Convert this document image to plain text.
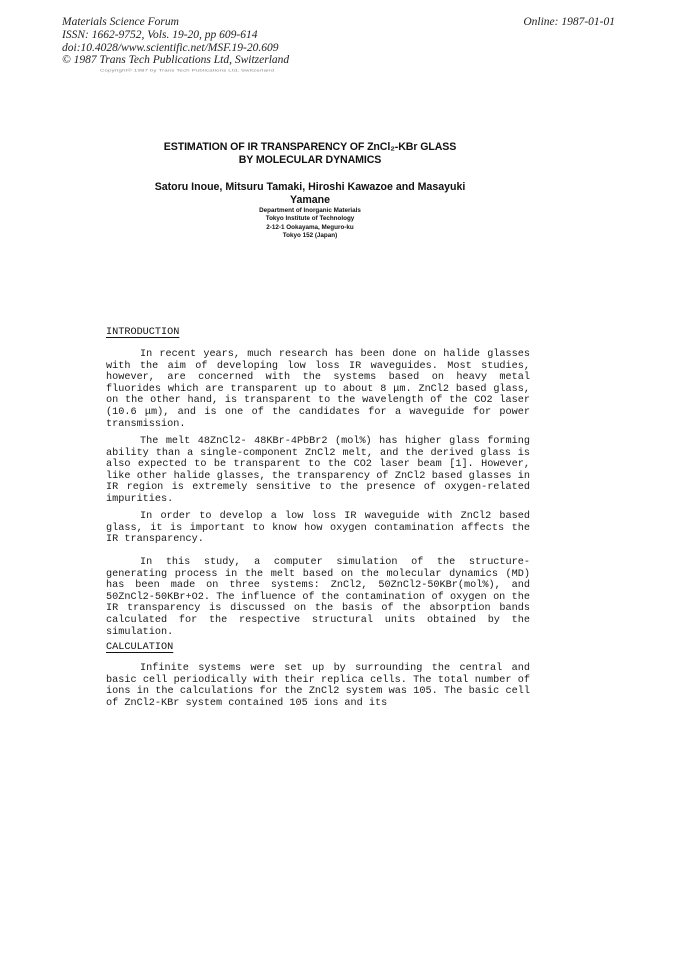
Materials Science Forum
ISSN: 1662-9752, Vols. 19-20, pp 609-614
doi:10.4028/www.scientific.net/MSF.19-20.609
© 1987 Trans Tech Publications Ltd, Switzerland
Online: 1987-01-01
Copyright© 1987 by Trans Tech Publications Ltd, Switzerland
ESTIMATION OF IR TRANSPARENCY OF ZnCl₂-KBr GLASS
BY MOLECULAR DYNAMICS
Satoru Inoue, Mitsuru Tamaki, Hiroshi Kawazoe and Masayuki
Yamane
Department of Inorganic Materials
Tokyo Institute of Technology
2-12-1 Ookayama, Meguro-ku
Tokyo 152 (Japan)
INTRODUCTION

In recent years, much research has been done on halide glasses with the aim of developing low loss IR waveguides. Most studies, however, are concerned with the systems based on heavy metal fluorides which are transparent up to about 8 μm. ZnCl2 based glass, on the other hand, is transparent to the wavelength of the CO2 laser (10.6 μm), and is one of the candidates for a waveguide for power transmission.

The melt 48ZnCl2- 48KBr-4PbBr2 (mol%) has higher glass forming ability than a single-component ZnCl2 melt, and the derived glass is also expected to be transparent to the CO2 laser beam [1]. However, like other halide glasses, the transparency of ZnCl2 based glasses in IR region is extremely sensitive to the presence of oxygen-related impurities.

In order to develop a low loss IR waveguide with ZnCl2 based glass, it is important to know how oxygen contamination affects the IR transparency.

In this study, a computer simulation of the structure-generating process in the melt based on the molecular dynamics (MD) has been made on three systems: ZnCl2, 50ZnCl2-50KBr(mol%), and 50ZnCl2-50KBr+O2. The influence of the contamination of oxygen on the IR transparency is discussed on the basis of the absorption bands calculated for the respective structural units obtained by the simulation.

CALCULATION

Infinite systems were set up by surrounding the central and basic cell periodically with their replica cells. The total number of ions in the calculations for the ZnCl2 system was 105. The basic cell of ZnCl2-KBr system contained 105 ions and its
